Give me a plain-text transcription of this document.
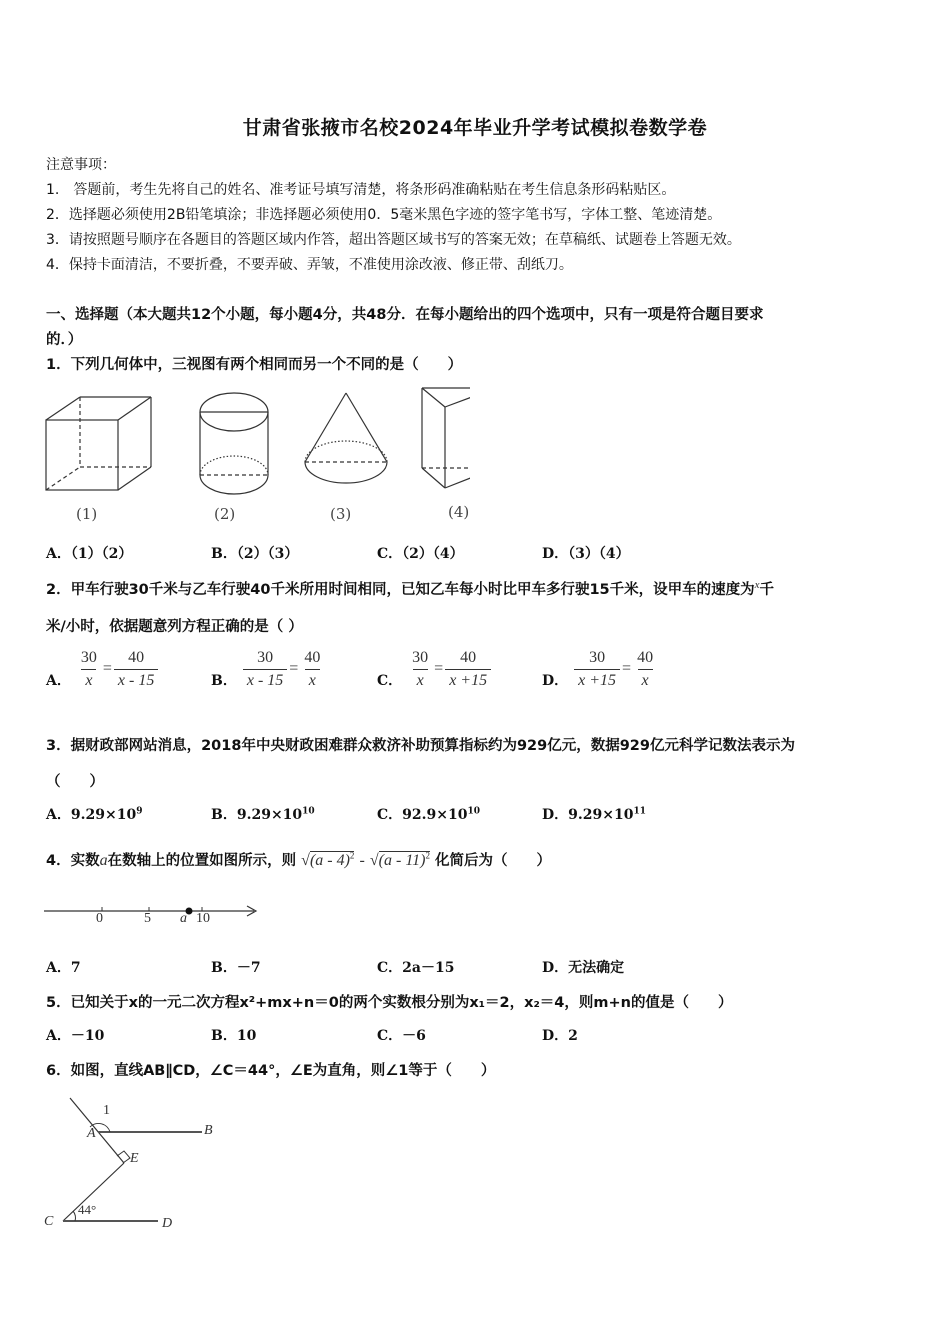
甘肃省张掖市名校2024年毕业升学考试模拟卷数学卷
注意事项：
1.　答题前，考生先将自己的姓名、准考证号填写清楚，将条形码准确粘贴在考生信息条形码粘贴区。
2．选择题必须使用2B铅笔填涂；非选择题必须使用0．5毫米黑色字迹的签字笔书写，字体工整、笔迹清楚。
3．请按照题号顺序在各题目的答题区域内作答，超出答题区域书写的答案无效；在草稿纸、试题卷上答题无效。
4．保持卡面清洁，不要折叠，不要弄破、弄皱，不准使用涂改液、修正带、刮纸刀。
一、选择题（本大题共12个小题，每小题4分，共48分．在每小题给出的四个选项中，只有一项是符合题目要求
的．）
1．下列几何体中，三视图有两个相同而另一个不同的是（　　）
(1)	(2)	(3)	(4)
A．（1）（2）	B．（2）（3）	C．（2）（4）	D．（3）（4）
2．甲车行驶30千米与乙车行驶40千米所用时间相同，已知乙车每小时比甲车多行驶15千米，设甲车的速度为$^x$千
米/小时，依据题意列方程正确的是（ ）
A． $\frac{30}{x} = \frac{40}{x - 15}$	B． $\frac{30}{x - 15} = \frac{40}{x}$	C． $\frac{30}{x} = \frac{40}{x +15}$	D． $\frac{30}{x +15} = \frac{40}{x}$
3．据财政部网站消息，2018年中央财政困难群众救济补助预算指标约为929亿元，数据929亿元科学记数法表示为
（　　）
A．$9.29\times 10^9$	B．$9.29\times 10^{10}$	C．$92.9\times 10^{10}$	D．$9.29\times 10^{11}$
4．实数a在数轴上的位置如图所示，则 √(a - 4)$^2$ - √(a - 11)$^2$ 化简后为（　　）
0	5 a 10
A．7	B．－7	C．2a－15	D．无法确定
5．已知关于x的一元二次方程x²+mx+n＝0的两个实数根分别为x₁＝2，x₂＝4，则m+n的值是（　　）
A．－10	B．10	C．－6	D．2
6．如图，直线AB∥CD，∠C＝44°，∠E为直角，则∠1等于（　　）
1
A	B
E
C	D
44°
